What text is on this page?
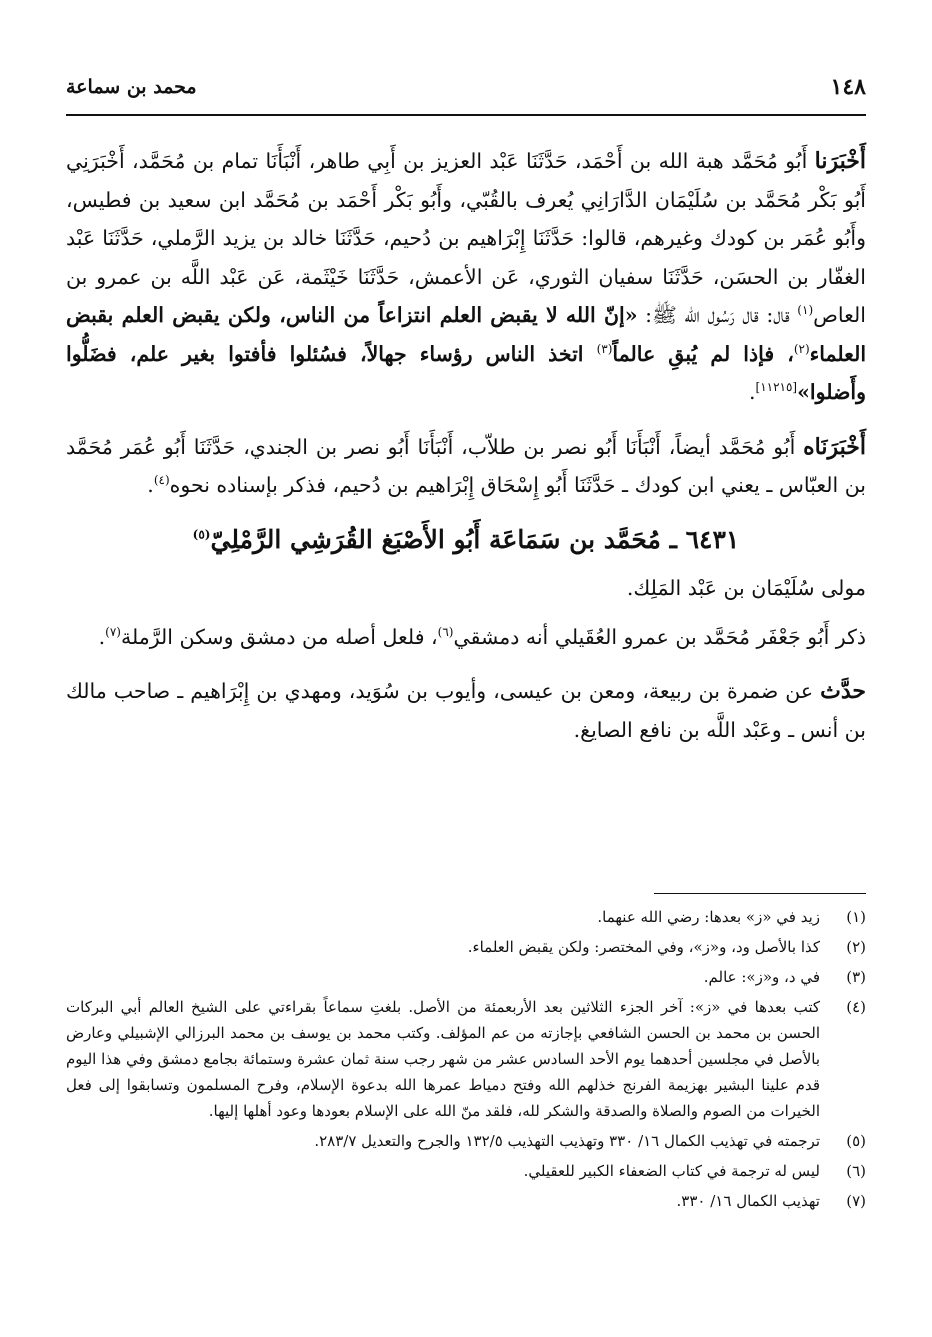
محمد بن سماعة	١٤٨

أَخْبَرَنا أَبُو مُحَمَّد هبة الله بن أَحْمَد، حَدَّثَنَا عَبْد العزيز بن أَبِي طاهر، أَنْبَأَنَا تمام بن مُحَمَّد، أَخْبَرَنِي أَبُو بَكْر مُحَمَّد بن سُلَيْمَان الدَّارَانِي يُعرف بالقُبّي، وأَبُو بَكْر أَحْمَد بن مُحَمَّد ابن سعيد بن فطيس، وأَبُو عُمَر بن كودك وغيرهم، قالوا: حَدَّثَنَا إِبْرَاهيم بن دُحيم، حَدَّثَنَا خالد بن يزيد الرَّملي، حَدَّثَنَا عَبْد الغفّار بن الحسَن، حَدَّثَنَا سفيان الثوري، عَن الأعمش، حَدَّثَنَا خَيْثَمة، عَن عَبْد اللَّه بن عمرو بن العاص$^{(١)}$ قال: قال رَسُول الله ﷺ: «إنّ الله لا يقبض العلم انتزاعاً من الناس، ولكن يقبض العلم بقبض العلماء$^{(٢)}$، فإذا لم يُبقِ عالماً$^{(٣)}$ اتخذ الناس رؤساء جهالاً، فسُئلوا فأفتوا بغير علم، فضَلُّوا وأَضلوا»[١١٢١٥].

أَخْبَرَنَاه أَبُو مُحَمَّد أيضاً، أَنْبَأَنَا أَبُو نصر بن طلاّب، أَنْبَأَنَا أَبُو نصر بن الجندي، حَدَّثَنَا أَبُو عُمَر مُحَمَّد بن العبّاس ـ يعني ابن كودك ـ حَدَّثَنَا أَبُو إِسْحَاق إِبْرَاهيم بن دُحيم، فذكر بإسناده نحوه$^{(٤)}$.

٦٤٣١ ـ مُحَمَّد بن سَمَاعَة أَبُو الأَصْبَغ القُرَشِي الرَّمْلِيّ$^{(٥)}$

مولى سُلَيْمَان بن عَبْد المَلِك.

ذكر أَبُو جَعْفَر مُحَمَّد بن عمرو العُقَيلي أنه دمشقي$^{(٦)}$، فلعل أصله من دمشق وسكن الرَّملة$^{(٧)}$.

حدَّث عن ضمرة بن ربيعة، ومعن بن عيسى، وأيوب بن سُوَيد، ومهدي بن إِبْرَاهيم ـ صاحب مالك بن أنس ـ وعَبْد اللَّه بن نافع الصايغ.

(١)
زيد في «ز» بعدها: رضي الله عنهما.
(٢)
كذا بالأصل ود، و«ز»، وفي المختصر: ولكن يقبض العلماء.
(٣)
في د، و«ز»: عالم.
(٤)
كتب بعدها في «ز»: آخر الجزء الثلاثين بعد الأربعمئة من الأصل. بلغتِ سماعاً بقراءتي على الشيخ العالم أبي البركات الحسن بن محمد بن الحسن الشافعي بإجازته من عم المؤلف. وكتب محمد بن يوسف بن محمد البرزالي الإشبيلي وعارض بالأصل في مجلسين أحدهما يوم الأحد السادس عشر من شهر رجب سنة ثمان عشرة وستمائة بجامع دمشق وفي هذا اليوم قدم علينا البشير بهزيمة الفرنج خذلهم الله وفتح دمياط عمرها الله بدعوة الإسلام، وفرح المسلمون وتسابقوا إلى فعل الخيرات من الصوم والصلاة والصدقة والشكر لله، فلقد منّ الله على الإسلام بعودها وعود أهلها إليها.
(٥)
ترجمته في تهذيب الكمال ١٦/ ٣٣٠ وتهذيب التهذيب ١٣٢/٥ والجرح والتعديل ٢٨٣/٧.
(٦)
ليس له ترجمة في كتاب الضعفاء الكبير للعقيلي.
(٧)
تهذيب الكمال ١٦/ ٣٣٠.
